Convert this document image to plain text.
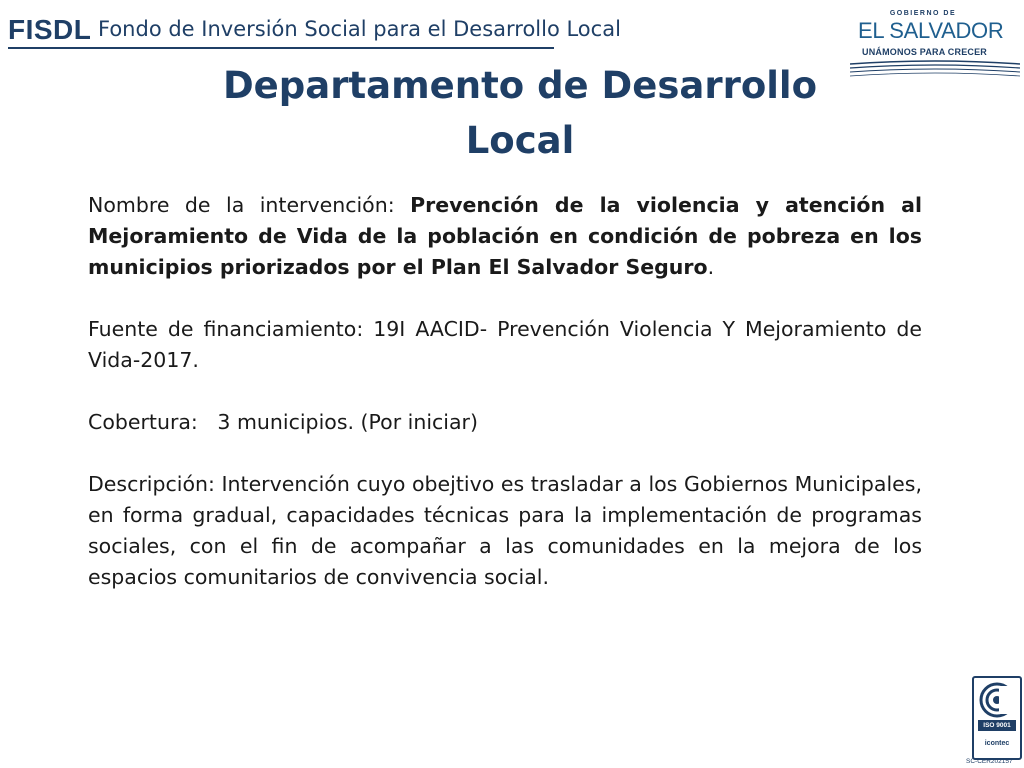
FISDL Fondo de Inversión Social para el Desarrollo Local
GOBIERNO DE
EL SALVADOR
UNÁMONOS PARA CRECER
Departamento de Desarrollo Local

Nombre de la intervención: Prevención de la violencia y atención al Mejoramiento de Vida de la población en condición de pobreza en los municipios priorizados por el Plan El Salvador Seguro.

Fuente de financiamiento: 19I AACID- Prevención Violencia Y Mejoramiento de Vida-2017.

Cobertura:   3 municipios. (Por iniciar)

Descripción: Intervención cuyo obejtivo es trasladar a los Gobiernos Municipales, en forma gradual, capacidades técnicas para la implementación de programas sociales, con el fin de acompañar a las comunidades en la mejora de los espacios comunitarios de convivencia social.

ISO 9001
icontec
SC-CER202157
